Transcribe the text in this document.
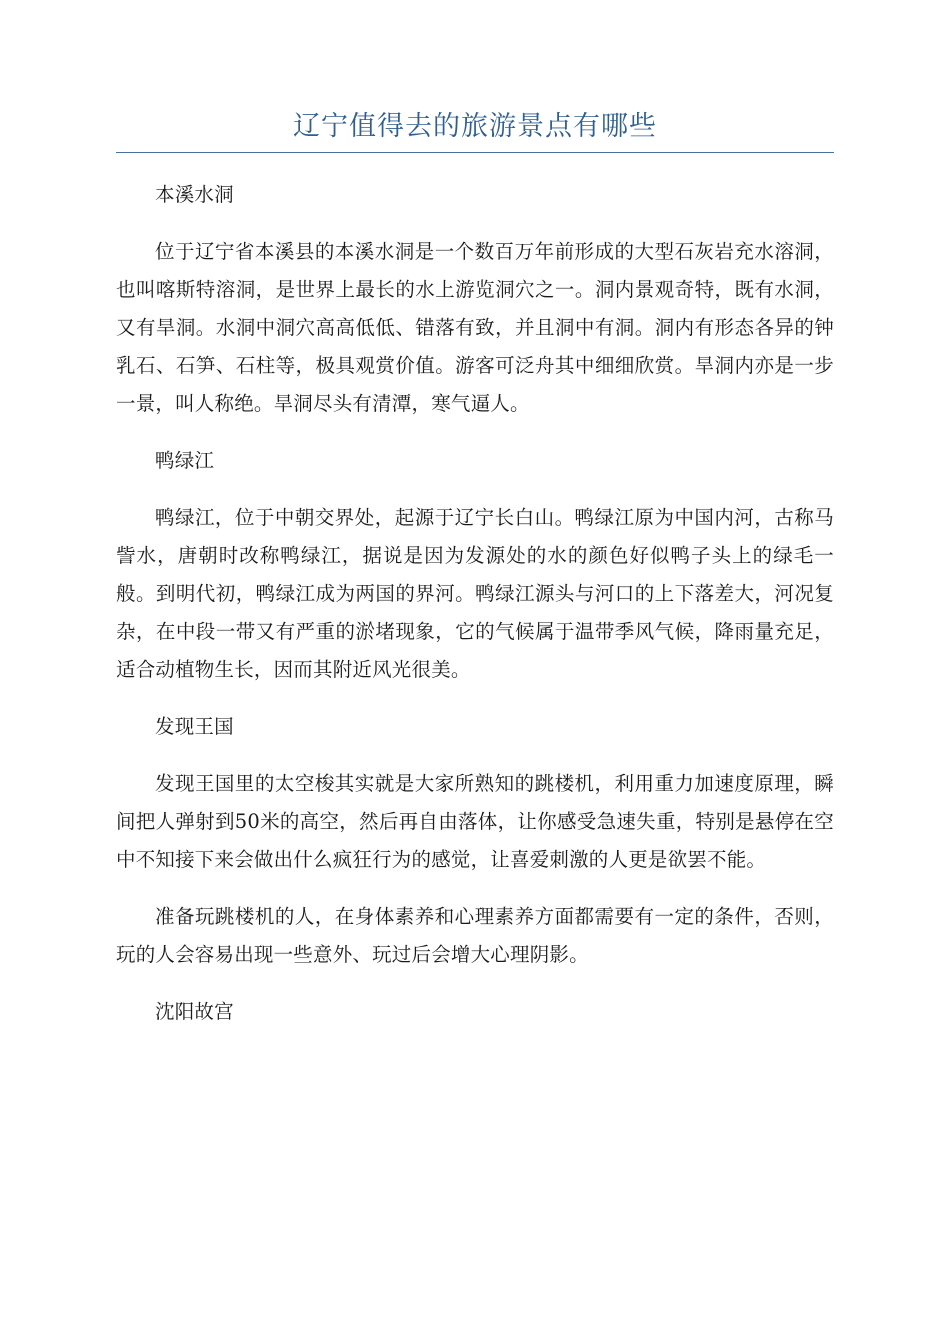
辽宁值得去的旅游景点有哪些

本溪水洞

位于辽宁省本溪县的本溪水洞是一个数百万年前形成的大型石灰岩充水溶洞，也叫喀斯特溶洞，是世界上最长的水上游览洞穴之一。洞内景观奇特，既有水洞，又有旱洞。水洞中洞穴高高低低、错落有致，并且洞中有洞。洞内有形态各异的钟乳石、石笋、石柱等，极具观赏价值。游客可泛舟其中细细欣赏。旱洞内亦是一步一景，叫人称绝。旱洞尽头有清潭，寒气逼人。

鸭绿江

鸭绿江，位于中朝交界处，起源于辽宁长白山。鸭绿江原为中国内河，古称马訾水，唐朝时改称鸭绿江，据说是因为发源处的水的颜色好似鸭子头上的绿毛一般。到明代初，鸭绿江成为两国的界河。鸭绿江源头与河口的上下落差大，河况复杂，在中段一带又有严重的淤堵现象，它的气候属于温带季风气候，降雨量充足，适合动植物生长，因而其附近风光很美。

发现王国

发现王国里的太空梭其实就是大家所熟知的跳楼机，利用重力加速度原理，瞬间把人弹射到50米的高空，然后再自由落体，让你感受急速失重，特别是悬停在空中不知接下来会做出什么疯狂行为的感觉，让喜爱刺激的人更是欲罢不能。

准备玩跳楼机的人，在身体素养和心理素养方面都需要有一定的条件，否则，玩的人会容易出现一些意外、玩过后会增大心理阴影。

沈阳故宫
